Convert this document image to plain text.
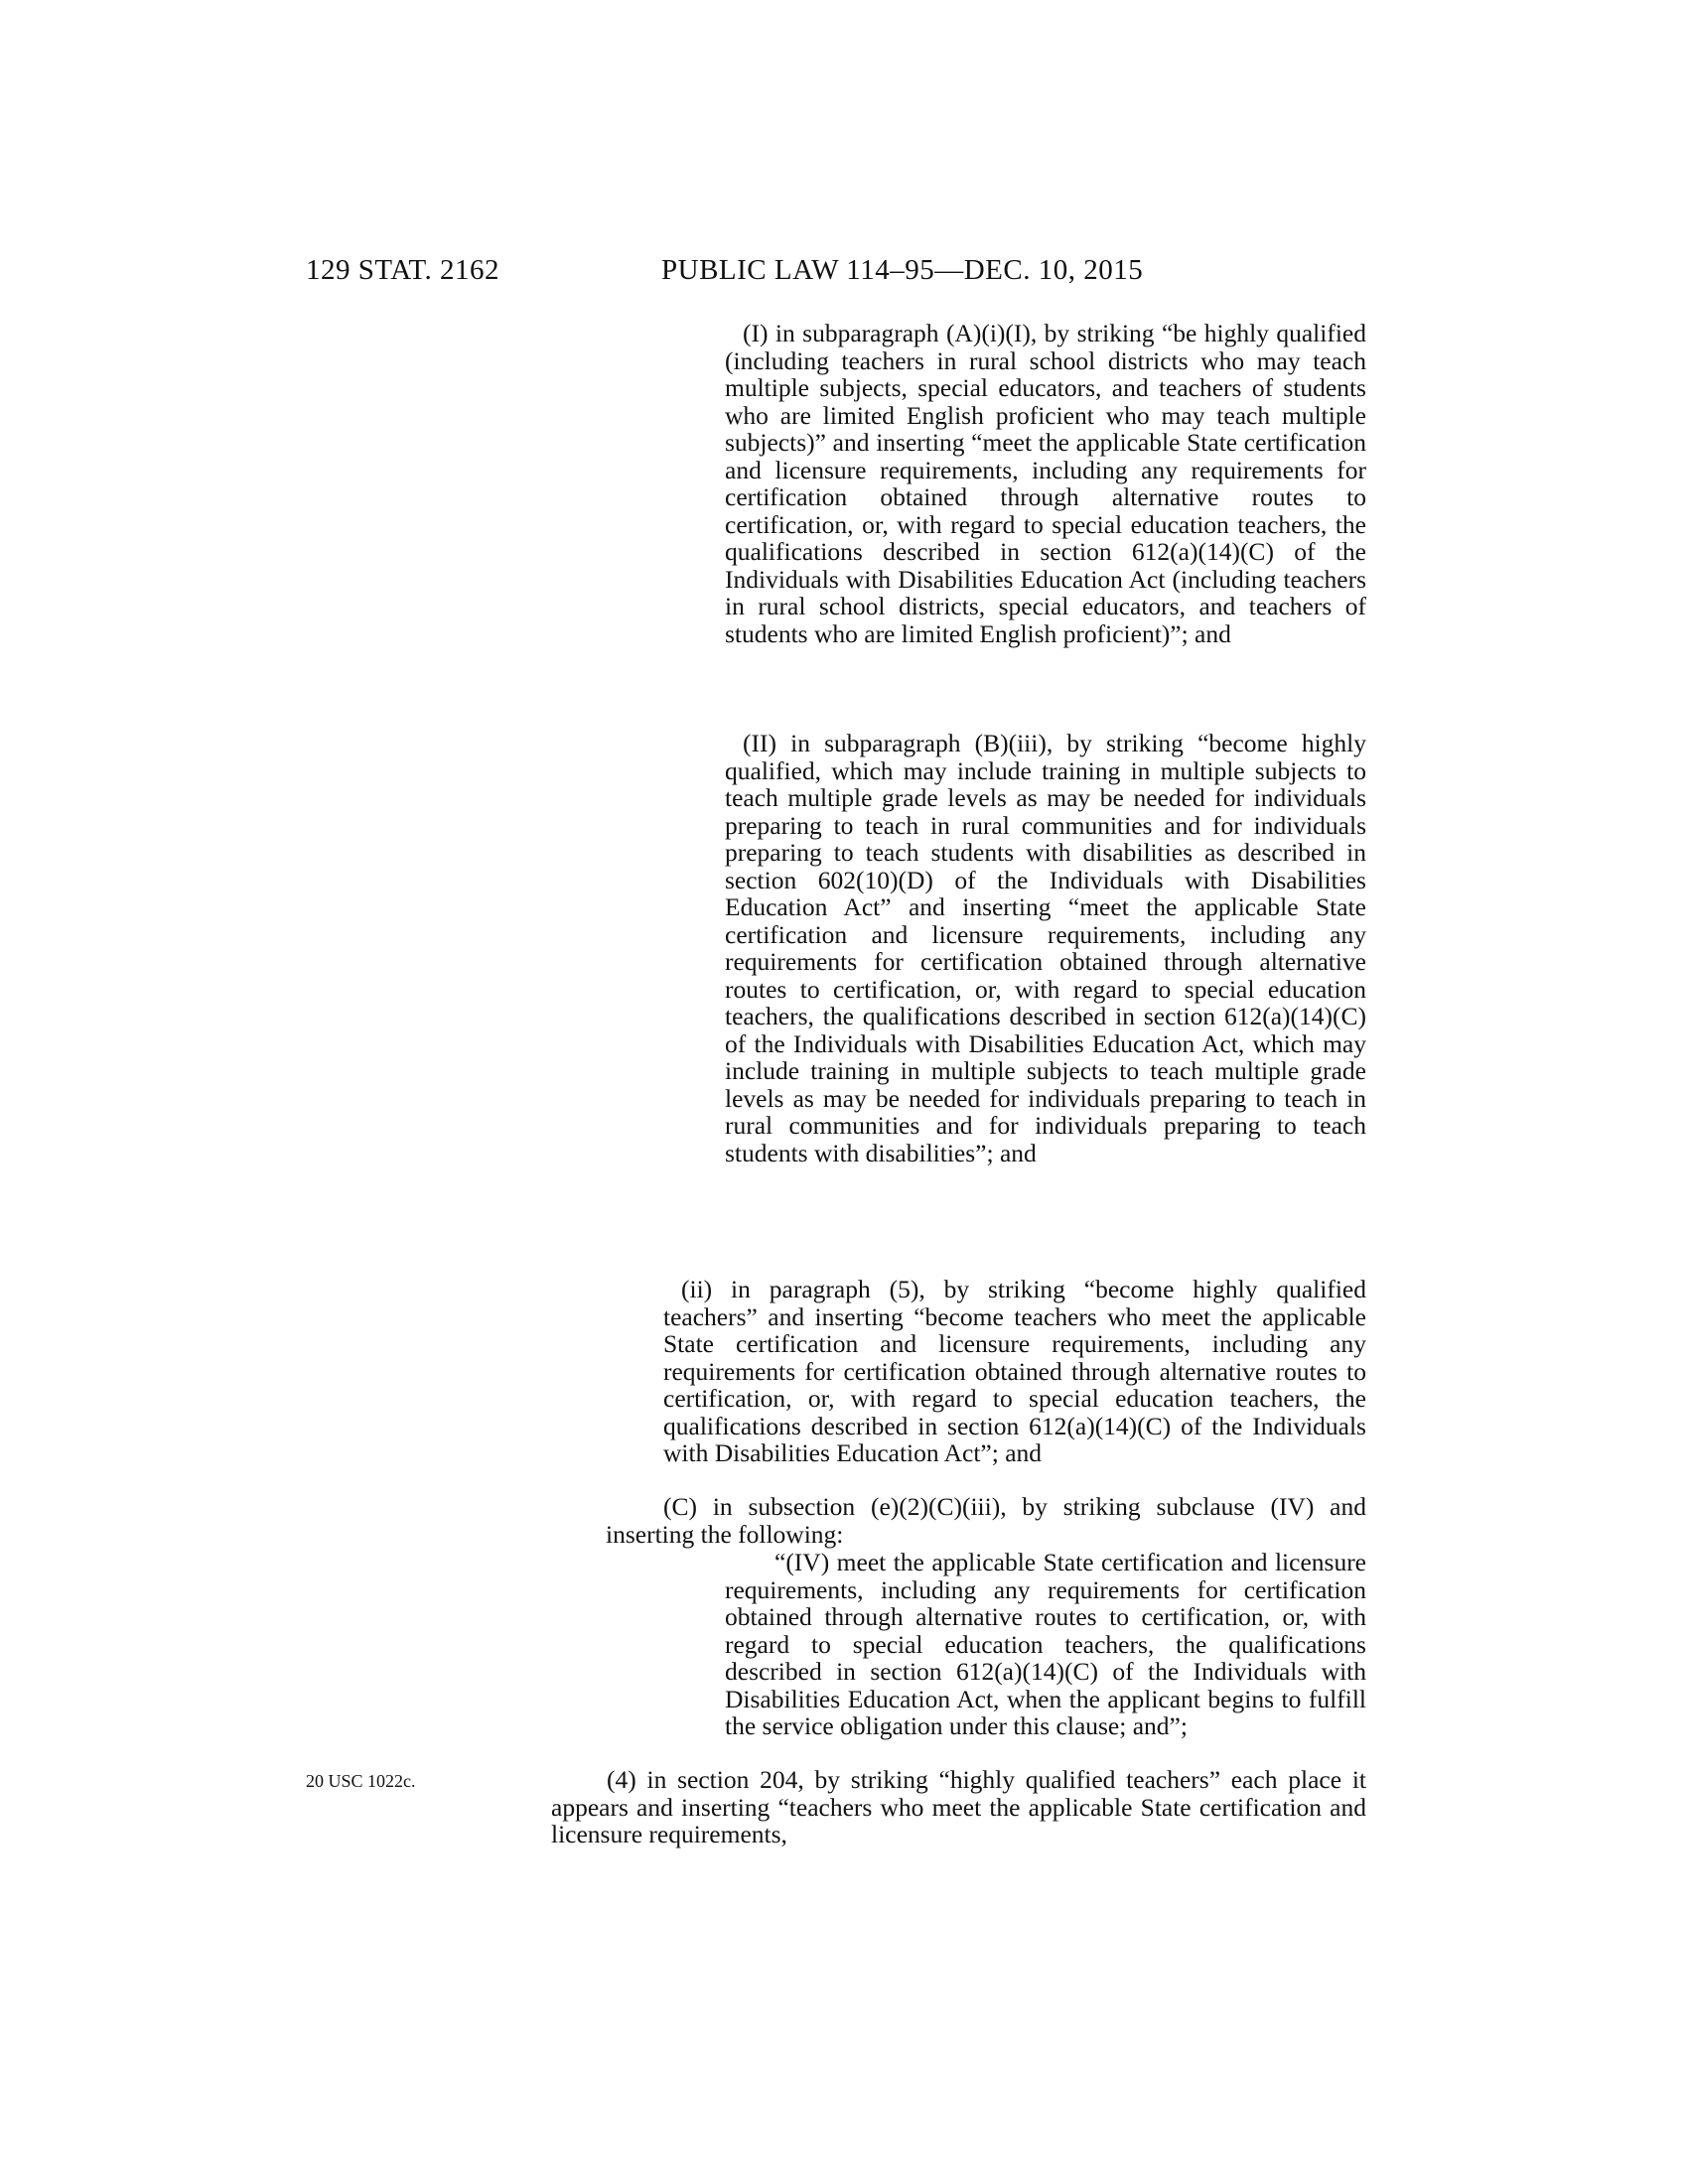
129 STAT. 2162	PUBLIC LAW 114–95—DEC. 10, 2015

(I) in subparagraph (A)(i)(I), by striking “be highly qualified (including teachers in rural school districts who may teach multiple subjects, special educators, and teachers of students who are limited English proficient who may teach multiple subjects)” and inserting “meet the applicable State certification and licensure requirements, including any requirements for certification obtained through alternative routes to certification, or, with regard to special education teachers, the qualifications described in section 612(a)(14)(C) of the Individuals with Disabilities Education Act (including teachers in rural school districts, special educators, and teachers of students who are limited English proficient)”; and

(II) in subparagraph (B)(iii), by striking “become highly qualified, which may include training in multiple subjects to teach multiple grade levels as may be needed for individuals preparing to teach in rural communities and for individuals preparing to teach students with disabilities as described in section 602(10)(D) of the Individuals with Disabilities Education Act” and inserting “meet the applicable State certification and licensure requirements, including any requirements for certification obtained through alternative routes to certification, or, with regard to special education teachers, the qualifications described in section 612(a)(14)(C) of the Individuals with Disabilities Education Act, which may include training in multiple subjects to teach multiple grade levels as may be needed for individuals preparing to teach in rural communities and for individuals preparing to teach students with disabilities”; and

(ii) in paragraph (5), by striking “become highly qualified teachers” and inserting “become teachers who meet the applicable State certification and licensure requirements, including any requirements for certification obtained through alternative routes to certification, or, with regard to special education teachers, the qualifications described in section 612(a)(14)(C) of the Individuals with Disabilities Education Act”; and

(C) in subsection (e)(2)(C)(iii), by striking subclause (IV) and inserting the following:

“(IV) meet the applicable State certification and licensure requirements, including any requirements for certification obtained through alternative routes to certification, or, with regard to special education teachers, the qualifications described in section 612(a)(14)(C) of the Individuals with Disabilities Education Act, when the applicant begins to fulfill the service obligation under this clause; and”;

20 USC 1022c.	(4) in section 204, by striking “highly qualified teachers” each place it appears and inserting “teachers who meet the applicable State certification and licensure requirements,
